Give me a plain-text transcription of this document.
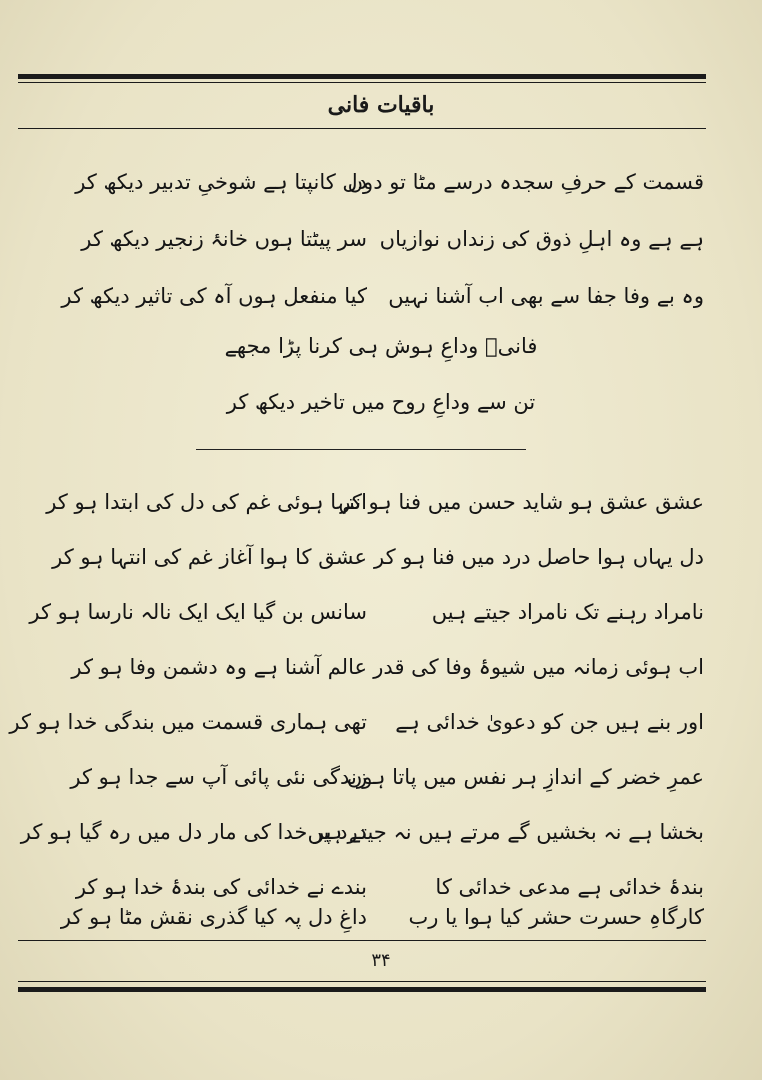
باقیات فانی
قسمت کے حرفِ سجدہ درسے مٹا تو دوں
دل کانپتا ہے شوخیِ تدبیر دیکھ کر
ہے ہے وہ اہلِ ذوق کی زنداں نوازیاں
سر پیٹتا ہوں خانۂ زنجیر دیکھ کر
وہ بے وفا جفا سے بھی اب آشنا نہیں
کیا منفعل ہوں آہ کی تاثیر دیکھ کر
فانیؔ وداعِ ہوش ہی کرنا پڑا مجھے
تن سے وداعِ روح میں تاخیر دیکھ کر
عشق عشق ہو شاید حسن میں فنا ہو کر
انتہا ہوئی غم کی دل کی ابتدا ہو کر
دل یہاں ہوا حاصل درد میں فنا ہو کر
عشق کا ہوا آغاز غم کی انتہا ہو کر
نامراد رہنے تک نامراد جیتے ہیں
سانس بن گیا ایک ایک نالہ نارسا ہو کر
اب ہوئی زمانہ میں شیوۂ وفا کی قدر
عالم آشنا ہے وہ دشمن وفا ہو کر
اور بنے ہیں جن کو دعویٰ خدائی ہے
تھی ہماری قسمت میں بندگی خدا ہو کر
عمرِ خضر کے اندازِ ہر نفس میں پاتا ہوں
زندگی نئی پائی آپ سے جدا ہو کر
بخشا ہے نہ بخشیں گے مرتے ہیں نہ جیتے ہیں
درد پر خدا کی مار دل میں رہ گیا ہو کر
بندۂ خدائی ہے مدعی خدائی کا
بندے نے خدائی کی بندۂ خدا ہو کر
کارگاہِ حسرت حشر کیا ہوا یا رب
داغِ دل پہ کیا گذری نقش مٹا ہو کر
۳۴
